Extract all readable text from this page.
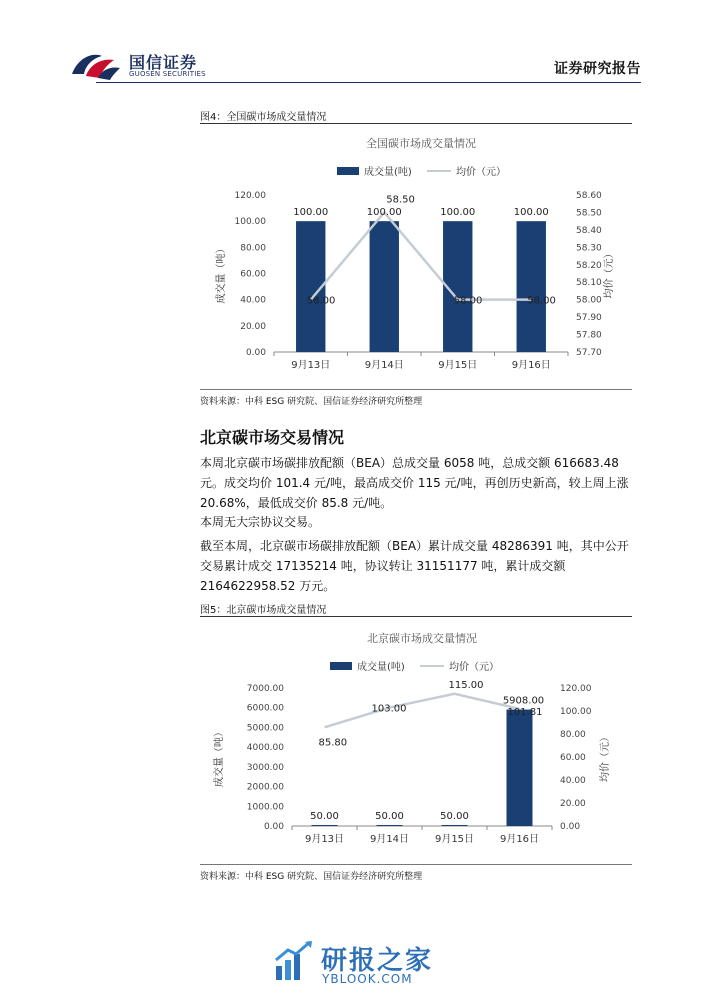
国信证券
GUOSEN SECURITIES	证券研究报告
图4：全国碳市场成交量情况
全国碳市场成交量情况
成交量(吨)	均价（元）
0.00
20.00
40.00
60.00
80.00
100.00
120.00
57.70
57.80
57.90
58.00
58.10
58.20
58.30
58.40
58.50
58.60
成交量（吨）	均价（元）
9月13日	9月14日	9月15日	9月16日
100.00	100.00	100.00	100.00
58.00
58.50
58.00	58.00
资料来源：中科 ESG 研究院、国信证券经济研究所整理
北京碳市场交易情况
本周北京碳市场碳排放配额（BEA）总成交量 6058 吨，总成交额 616683.48 元。成交均价 101.4 元/吨，最高成交价 115 元/吨，再创历史新高，较上周上涨 20.68%，最低成交价 85.8 元/吨。
本周无大宗协议交易。
截至本周，北京碳市场碳排放配额（BEA）累计成交量 48286391 吨，其中公开交易累计成交 17135214 吨，协议转让 31151177 吨，累计成交额 2164622958.52 万元。
图5：北京碳市场成交量情况
北京碳市场成交量情况
成交量(吨)	均价（元）
0.00
1000.00
2000.00
3000.00
4000.00
5000.00
6000.00
7000.00
0.00
20.00
40.00
60.00
80.00
100.00
120.00
成交量（吨）	均价（元）
9月13日	9月14日	9月15日	9月16日
50.00	50.00	50.00
5908.00
85.80
103.00
115.00
101.81
资料来源：中科 ESG 研究院、国信证券经济研究所整理
研报之家
YBLOOK.COM
